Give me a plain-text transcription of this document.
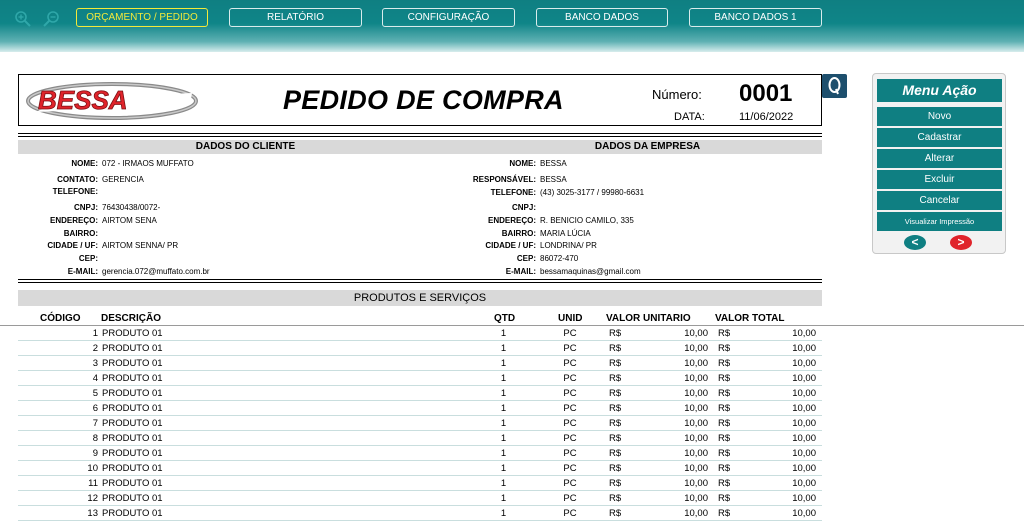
ORÇAMENTO / PEDIDO	RELATÓRIO	CONFIGURAÇÃO	BANCO DADOS	BANCO DADOS 1
BESSA	PEDIDO DE COMPRA	Número: 0001
DATA:	11/06/2022
DADOS DO CLIENTE	DADOS DA EMPRESA
NOME: 072 - IRMAOS MUFFATO
CONTATO: GERENCIA
TELEFONE:
CNPJ: 76430438/0072-
ENDEREÇO: AIRTOM SENA
BAIRRO:
CIDADE / UF: AIRTOM SENNA/ PR
CEP:
E-MAIL: gerencia.072@muffato.com.br
NOME: BESSA
RESPONSÁVEL: BESSA
TELEFONE: (43) 3025-3177 / 99980-6631
CNPJ:
ENDEREÇO: R. BENICIO CAMILO, 335
BAIRRO: MARIA LÚCIA
CIDADE / UF: LONDRINA/ PR
CEP: 86072-470
E-MAIL: bessamaquinas@gmail.com
PRODUTOS E SERVIÇOS
CÓDIGO DESCRIÇÃO	QTD	UNID VALOR UNITARIO VALOR TOTAL
1 PRODUTO 01	1	PC	R$	10,00 R$	10,00
2 PRODUTO 01	1	PC	R$	10,00 R$	10,00
3 PRODUTO 01	1	PC	R$	10,00 R$	10,00
4 PRODUTO 01	1	PC	R$	10,00 R$	10,00
5 PRODUTO 01	1	PC	R$	10,00 R$	10,00
6 PRODUTO 01	1	PC	R$	10,00 R$	10,00
7 PRODUTO 01	1	PC	R$	10,00 R$	10,00
8 PRODUTO 01	1	PC	R$	10,00 R$	10,00
9 PRODUTO 01	1	PC	R$	10,00 R$	10,00
10 PRODUTO 01	1	PC	R$	10,00 R$	10,00
11 PRODUTO 01	1	PC	R$	10,00 R$	10,00
12 PRODUTO 01	1	PC	R$	10,00 R$	10,00
13 PRODUTO 01	1	PC	R$	10,00 R$	10,00
Menu Ação
Novo
Cadastrar
Alterar
Excluir
Cancelar
Visualizar Impressão
<	>
